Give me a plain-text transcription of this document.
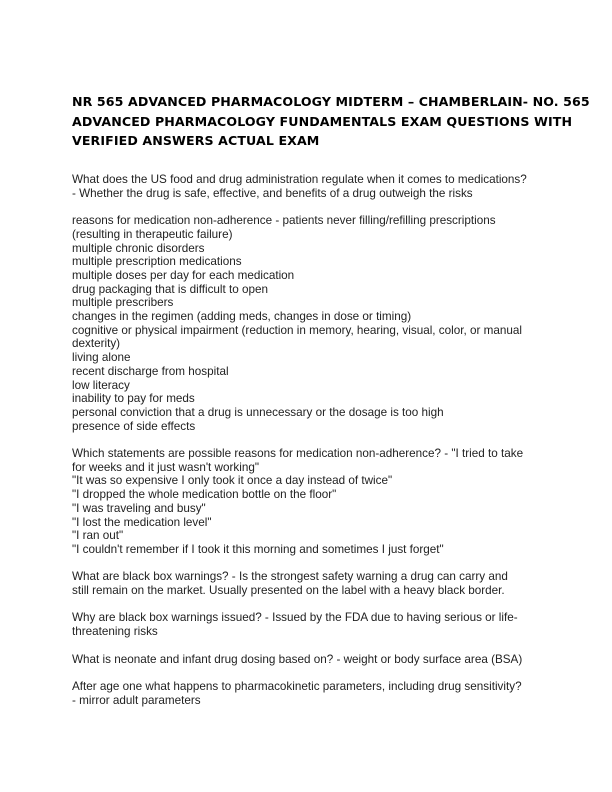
NR 565 ADVANCED PHARMACOLOGY MIDTERM – CHAMBERLAIN- NO. 565
ADVANCED PHARMACOLOGY FUNDAMENTALS EXAM QUESTIONS WITH
VERIFIED ANSWERS ACTUAL EXAM
What does the US food and drug administration regulate when it comes to medications?
- Whether the drug is safe, effective, and benefits of a drug outweigh the risks
reasons for medication non-adherence - patients never filling/refilling prescriptions
(resulting in therapeutic failure)
multiple chronic disorders
multiple prescription medications
multiple doses per day for each medication
drug packaging that is difficult to open
multiple prescribers
changes in the regimen (adding meds, changes in dose or timing)
cognitive or physical impairment (reduction in memory, hearing, visual, color, or manual
dexterity)
living alone
recent discharge from hospital
low literacy
inability to pay for meds
personal conviction that a drug is unnecessary or the dosage is too high
presence of side effects
Which statements are possible reasons for medication non-adherence? - "I tried to take
for weeks and it just wasn't working"
"It was so expensive I only took it once a day instead of twice"
"I dropped the whole medication bottle on the floor"
"I was traveling and busy"
"I lost the medication level"
"I ran out"
"I couldn't remember if I took it this morning and sometimes I just forget"
What are black box warnings? - Is the strongest safety warning a drug can carry and
still remain on the market. Usually presented on the label with a heavy black border.
Why are black box warnings issued? - Issued by the FDA due to having serious or life-
threatening risks
What is neonate and infant drug dosing based on? - weight or body surface area (BSA)
After age one what happens to pharmacokinetic parameters, including drug sensitivity?
- mirror adult parameters
